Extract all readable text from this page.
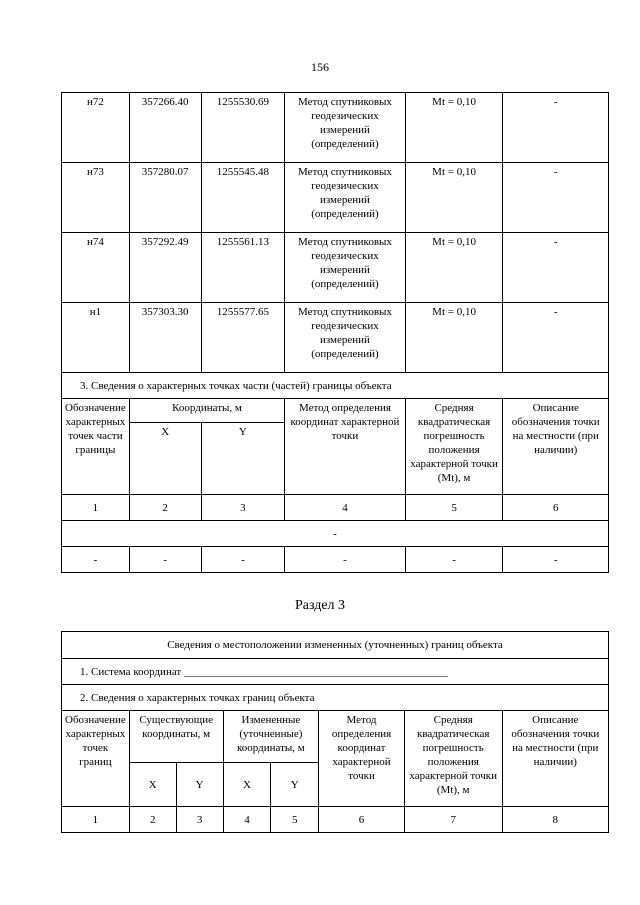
156
н72	357266.40	1255530.69	Метод спутниковых геодезических измерений (определений)	Mt = 0,10	-
н73	357280.07	1255545.48	Метод спутниковых геодезических измерений (определений)	Mt = 0,10	-
н74	357292.49	1255561.13	Метод спутниковых геодезических измерений (определений)	Mt = 0,10	-
н1	357303.30	1255577.65	Метод спутниковых геодезических измерений (определений)	Mt = 0,10	-
3. Сведения о характерных точках части (частей) границы объекта					
Обозначение характерных точек части границы	Координаты, м		Метод определения координат характерной точки	Средняя квадратическая погрешность положения характерной точки (Mt), м	Описание обозначения точки на местности (при наличии)
	X	Y			
1	2	3	4	5	6
-					
-	-	-	-	-	-
Раздел 3
Сведения о местоположении измененных (уточненных) границ объекта							
1. Система координат ________________________________________________							
2. Сведения о характерных точках границ объекта							
Обозначение характерных точек границ	Существующие координаты, м		Измененные (уточненные) координаты, м		Метод определения координат характерной точки	Средняя квадратическая погрешность положения характерной точки (Mt), м	Описание обозначения точки на местности (при наличии)
	X	Y	X	Y			
1	2	3	4	5	6	7	8
